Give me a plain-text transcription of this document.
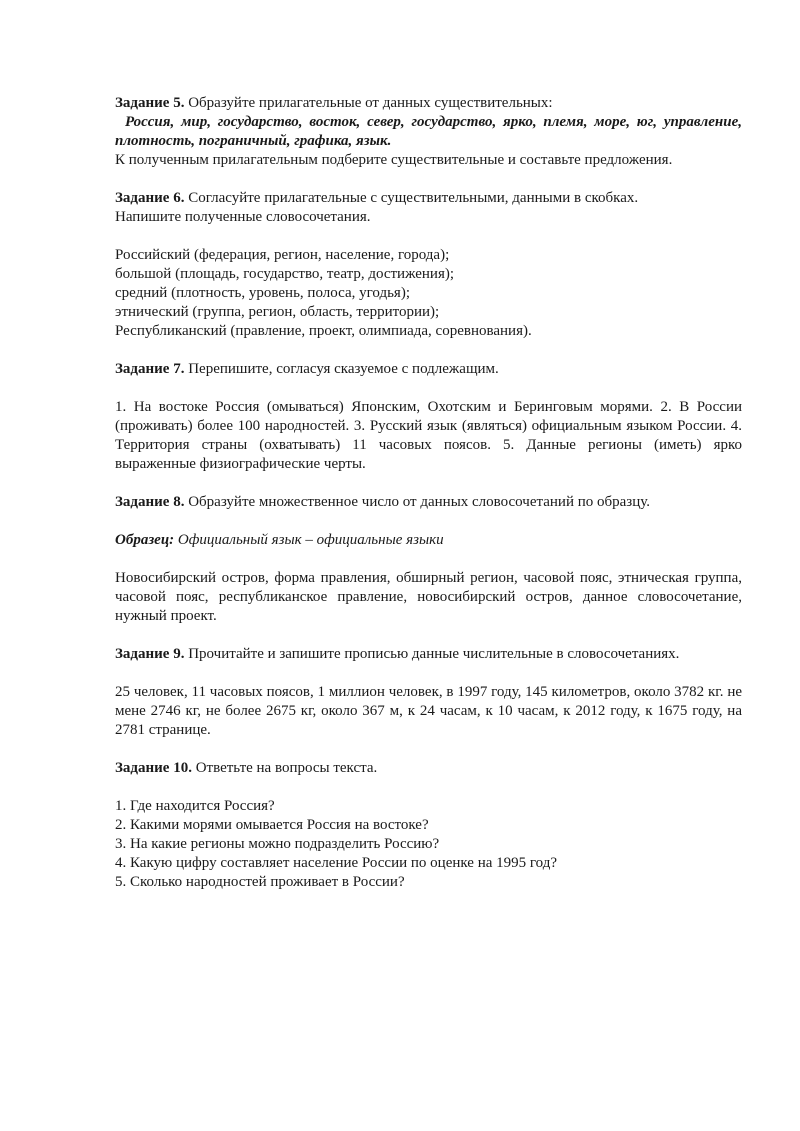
Задание 5. Образуйте прилагательные от данных существительных:

Россия, мир, государство, восток, север, государство, ярко, племя, море, юг, управление, плотность, пограничный, графика, язык.

К полученным прилагательным подберите существительные и составьте предложения.

Задание 6. Согласуйте прилагательные с существительными, данными в скобках.

Напишите полученные словосочетания.

Российский (федерация, регион, население, города);

большой (площадь, государство, театр, достижения);

средний (плотность, уровень, полоса, угодья);

этнический (группа, регион, область, территории);

Республиканский (правление, проект, олимпиада, соревнования).

Задание 7. Перепишите, согласуя сказуемое с подлежащим.

1. На востоке Россия (омываться) Японским, Охотским и Беринговым морями. 2. В России (проживать) более 100 народностей. 3. Русский язык (являться) официальным языком России. 4. Территория страны (охватывать) 11 часовых поясов. 5. Данные регионы (иметь) ярко выраженные физиографические черты.

Задание 8. Образуйте множественное число от данных словосочетаний по образцу.

Образец: Официальный язык – официальные языки

Новосибирский остров, форма правления, обширный регион, часовой пояс, этническая группа, часовой пояс, республиканское правление, новосибирский остров, данное словосочетание, нужный проект.

Задание 9. Прочитайте и запишите прописью данные числительные в словосочетаниях.

25 человек, 11 часовых поясов, 1 миллион человек, в 1997 году, 145 километров, около 3782 кг. не мене 2746 кг, не более 2675 кг, около 367 м, к 24 часам, к 10 часам, к 2012 году, к 1675 году, на 2781 странице.

Задание 10. Ответьте на вопросы текста.

1. Где находится Россия?

2. Какими морями омывается Россия на востоке?

3. На какие регионы можно подразделить Россию?

4. Какую цифру составляет население России по оценке на 1995 год?

5. Сколько народностей проживает в России?
